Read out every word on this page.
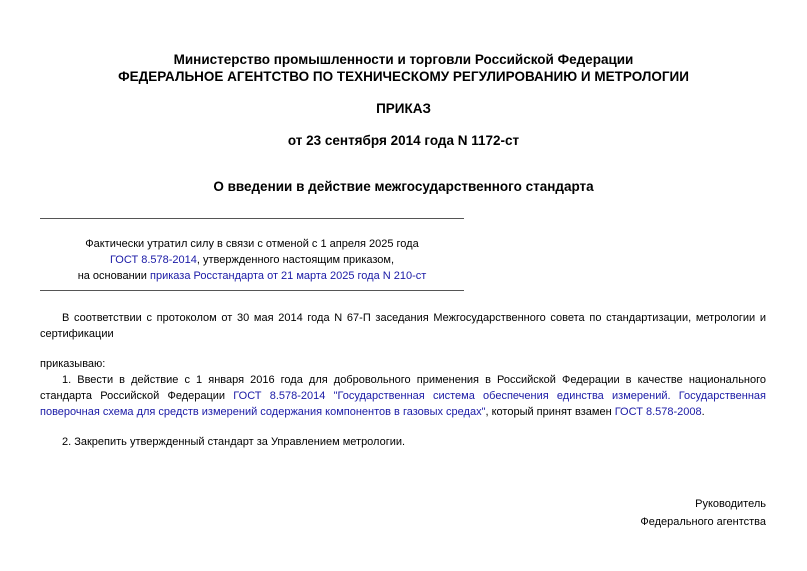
Министерство промышленности и торговли Российской Федерации
ФЕДЕРАЛЬНОЕ АГЕНТСТВО ПО ТЕХНИЧЕСКОМУ РЕГУЛИРОВАНИЮ И МЕТРОЛОГИИ
ПРИКАЗ
от 23 сентября 2014 года N 1172-ст
О введении в действие межгосударственного стандарта
Фактически утратил силу в связи с отменой с 1 апреля 2025 года
ГОСТ 8.578-2014, утвержденного настоящим приказом,
на основании приказа Росстандарта от 21 марта 2025 года N 210-ст
В соответствии с протоколом от 30 мая 2014 года N 67-П заседания Межгосударственного совета по стандартизации, метрологии и сертификации
приказываю:
1. Ввести в действие с 1 января 2016 года для добровольного применения в Российской Федерации в качестве национального стандарта Российской Федерации ГОСТ 8.578-2014 "Государственная система обеспечения единства измерений. Государственная поверочная схема для средств измерений содержания компонентов в газовых средах", который принят взамен ГОСТ 8.578-2008.
2. Закрепить утвержденный стандарт за Управлением метрологии.
Руководитель
Федерального агентства
